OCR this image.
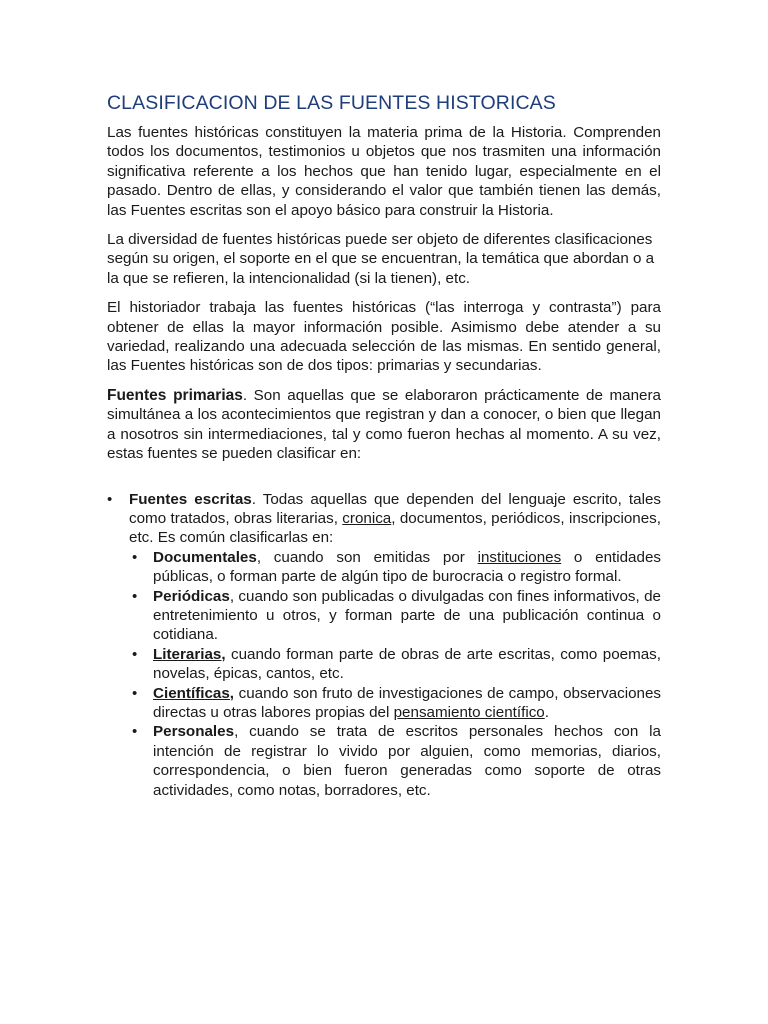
CLASIFICACION DE LAS FUENTES HISTORICAS

Las fuentes históricas constituyen la materia prima de la Historia. Comprenden todos los documentos, testimonios u objetos que nos trasmiten una información significativa referente a los hechos que han tenido lugar, especialmente en el pasado. Dentro de ellas, y considerando el valor que también tienen las demás, las Fuentes escritas son el apoyo básico para construir la Historia.

La diversidad de fuentes históricas puede ser objeto de diferentes clasificaciones según su origen, el soporte en el que se encuentran, la temática que abordan o a la que se refieren, la intencionalidad (si la tienen), etc.

El historiador trabaja las fuentes históricas (“las interroga y contrasta”) para obtener de ellas la mayor información posible. Asimismo debe atender a su variedad, realizando una adecuada selección de las mismas. En sentido general, las Fuentes históricas son de dos tipos: primarias y secundarias.

Fuentes primarias. Son aquellas que se elaboraron prácticamente de manera simultánea a los acontecimientos que registran y dan a conocer, o bien que llegan a nosotros sin intermediaciones, tal y como fueron hechas al momento. A su vez, estas fuentes se pueden clasificar en:

• Fuentes escritas. Todas aquellas que dependen del lenguaje escrito, tales como tratados, obras literarias, cronica, documentos, periódicos, inscripciones, etc. Es común clasificarlas en:
• Documentales, cuando son emitidas por instituciones o entidades públicas, o forman parte de algún tipo de burocracia o registro formal.
• Periódicas, cuando son publicadas o divulgadas con fines informativos, de entretenimiento u otros, y forman parte de una publicación continua o cotidiana.
• Literarias, cuando forman parte de obras de arte escritas, como poemas, novelas, épicas, cantos, etc.
• Científicas, cuando son fruto de investigaciones de campo, observaciones directas u otras labores propias del pensamiento científico.
• Personales, cuando se trata de escritos personales hechos con la intención de registrar lo vivido por alguien, como memorias, diarios, correspondencia, o bien fueron generadas como soporte de otras actividades, como notas, borradores, etc.
